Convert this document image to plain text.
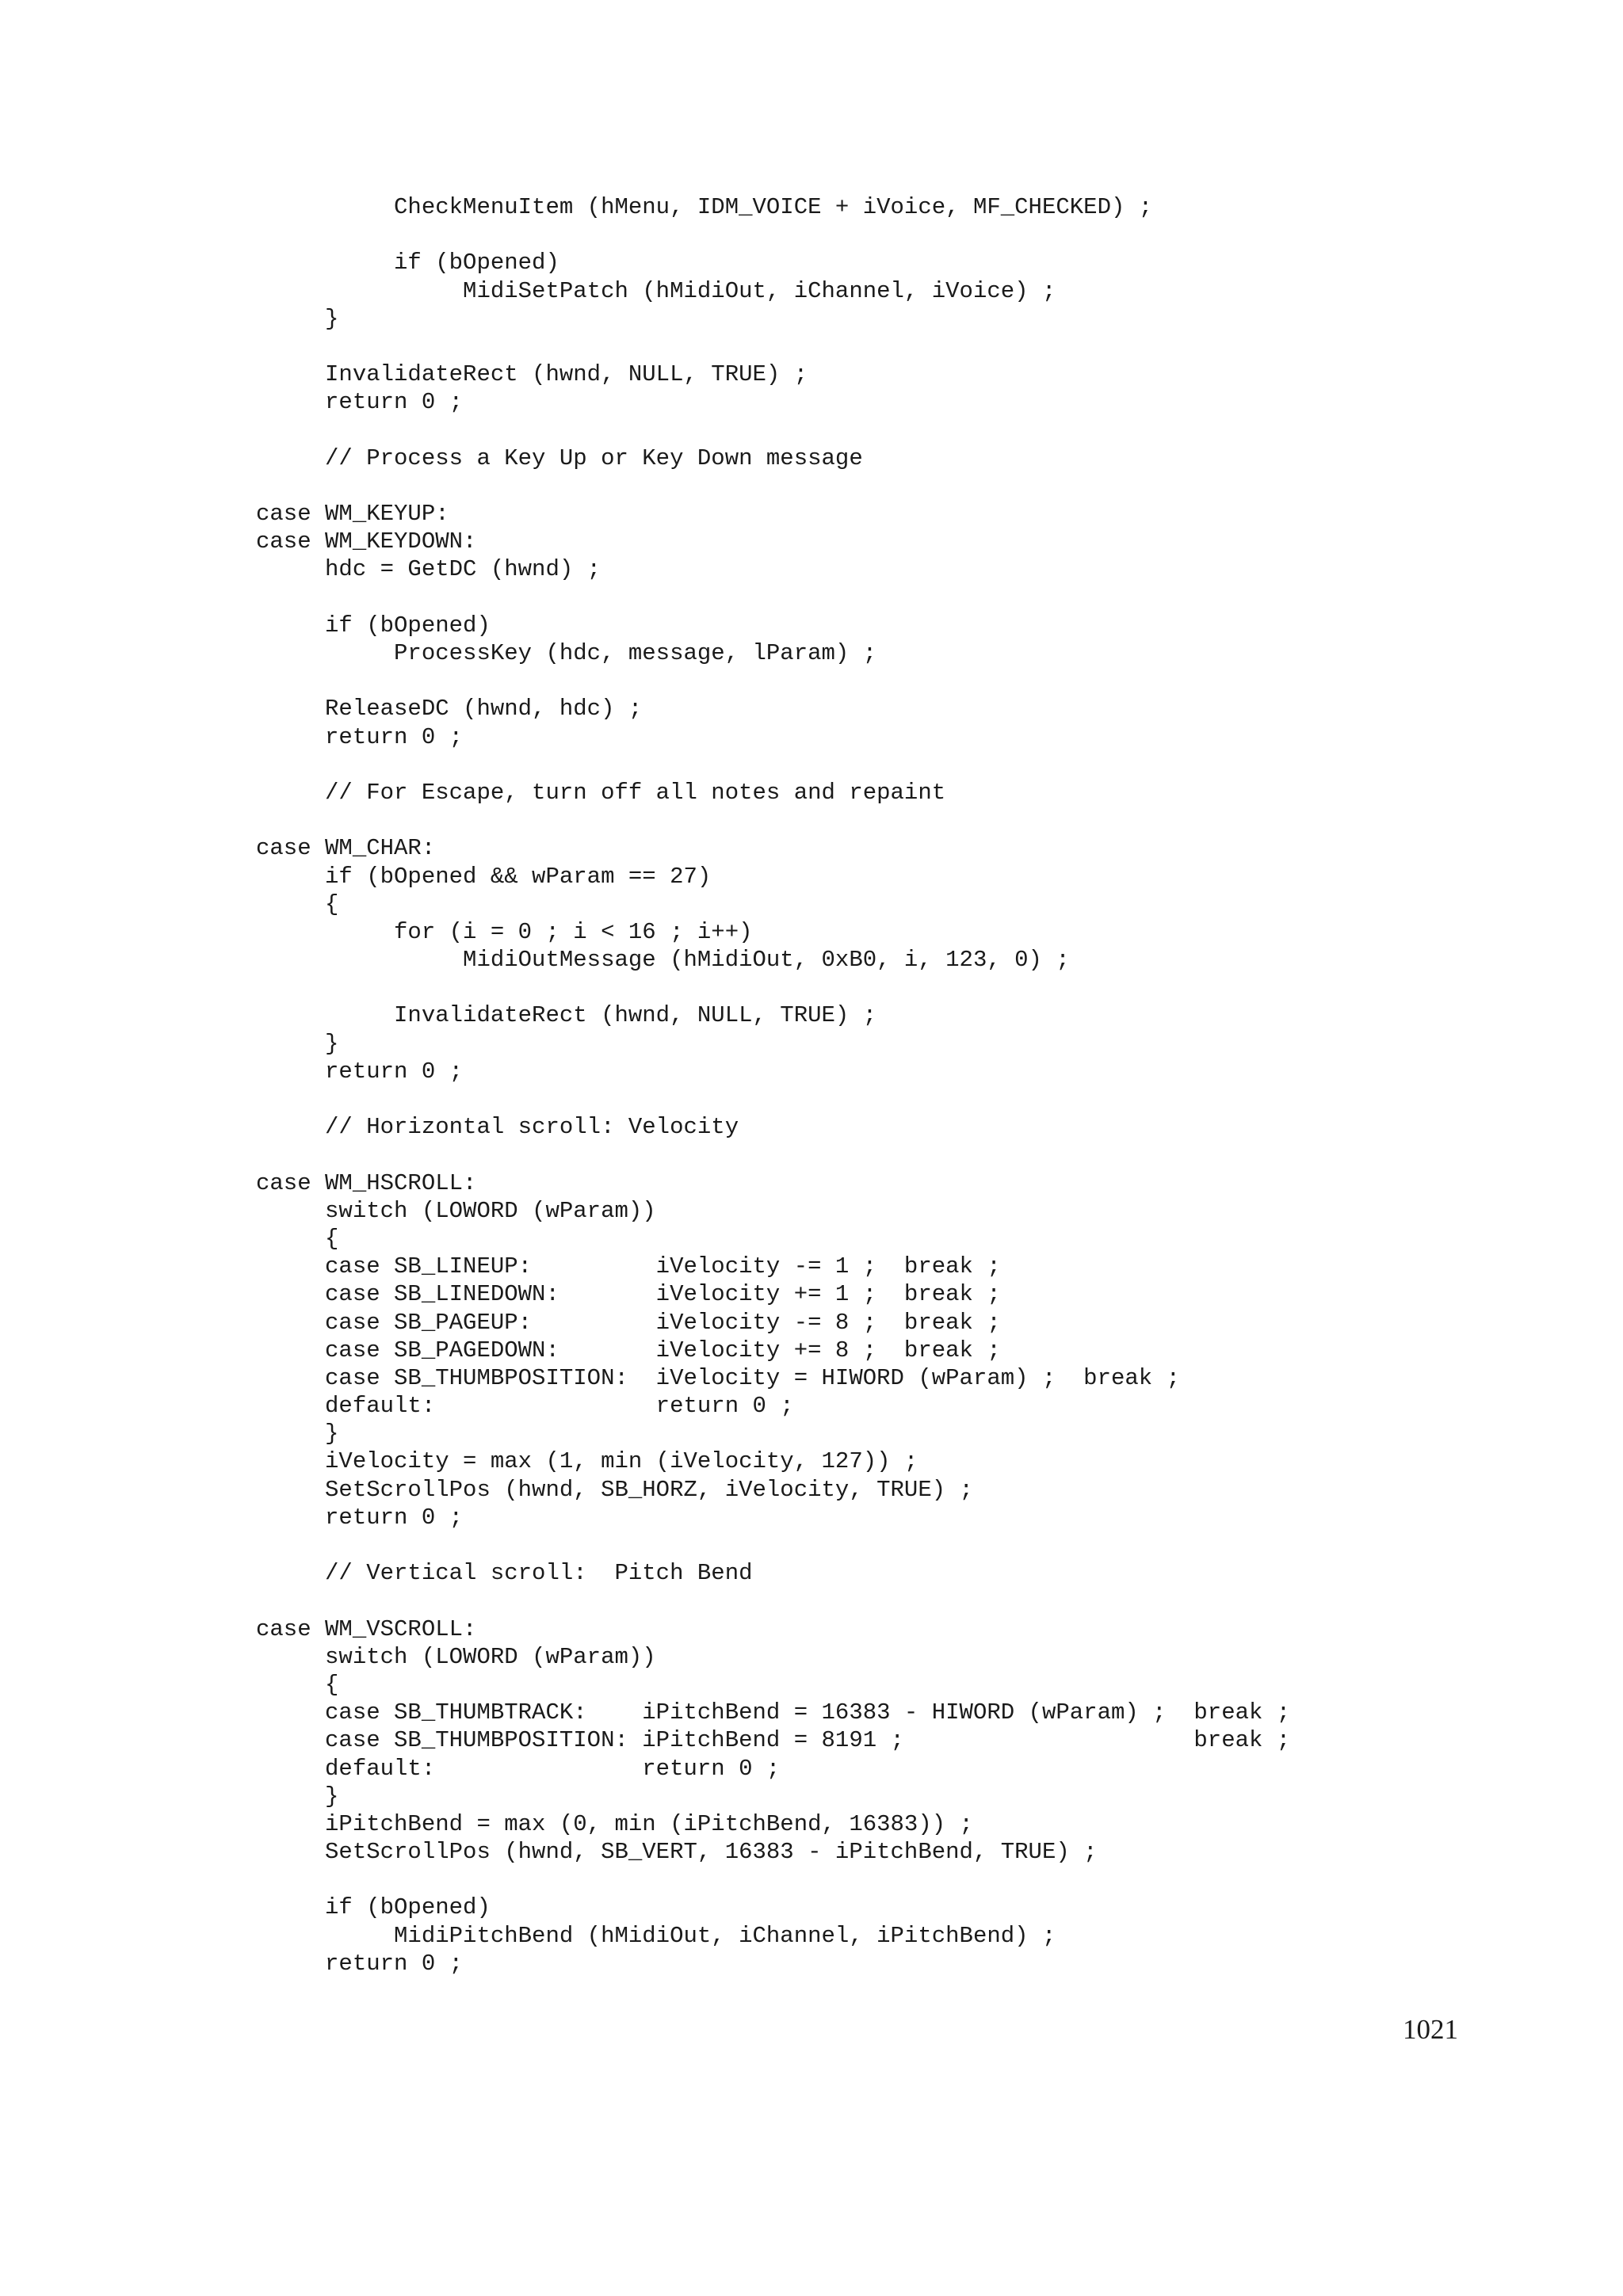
CheckMenuItem (hMenu, IDM_VOICE + iVoice, MF_CHECKED) ;
if (bOpened)
MidiSetPatch (hMidiOut, iChannel, iVoice) ;
}
InvalidateRect (hwnd, NULL, TRUE) ;
return 0 ;
// Process a Key Up or Key Down message
case WM_KEYUP:
case WM_KEYDOWN:
hdc = GetDC (hwnd) ;
if (bOpened)
ProcessKey (hdc, message, lParam) ;
ReleaseDC (hwnd, hdc) ;
return 0 ;
// For Escape, turn off all notes and repaint
case WM_CHAR:
if (bOpened && wParam == 27)
{
for (i = 0 ; i < 16 ; i++)
MidiOutMessage (hMidiOut, 0xB0, i, 123, 0) ;
InvalidateRect (hwnd, NULL, TRUE) ;
}
return 0 ;
// Horizontal scroll: Velocity
case WM_HSCROLL:
switch (LOWORD (wParam))
{
case SB_LINEUP:         iVelocity -= 1 ;  break ;
case SB_LINEDOWN:       iVelocity += 1 ;  break ;
case SB_PAGEUP:         iVelocity -= 8 ;  break ;
case SB_PAGEDOWN:       iVelocity += 8 ;  break ;
case SB_THUMBPOSITION:  iVelocity = HIWORD (wParam) ;  break ;
default:                return 0 ;
}
iVelocity = max (1, min (iVelocity, 127)) ;
SetScrollPos (hwnd, SB_HORZ, iVelocity, TRUE) ;
return 0 ;
// Vertical scroll:  Pitch Bend
case WM_VSCROLL:
switch (LOWORD (wParam))
{
case SB_THUMBTRACK:    iPitchBend = 16383 - HIWORD (wParam) ;  break ;
case SB_THUMBPOSITION: iPitchBend = 8191 ;                     break ;
default:               return 0 ;
}
iPitchBend = max (0, min (iPitchBend, 16383)) ;
SetScrollPos (hwnd, SB_VERT, 16383 - iPitchBend, TRUE) ;
if (bOpened)
MidiPitchBend (hMidiOut, iChannel, iPitchBend) ;
return 0 ;
1021
